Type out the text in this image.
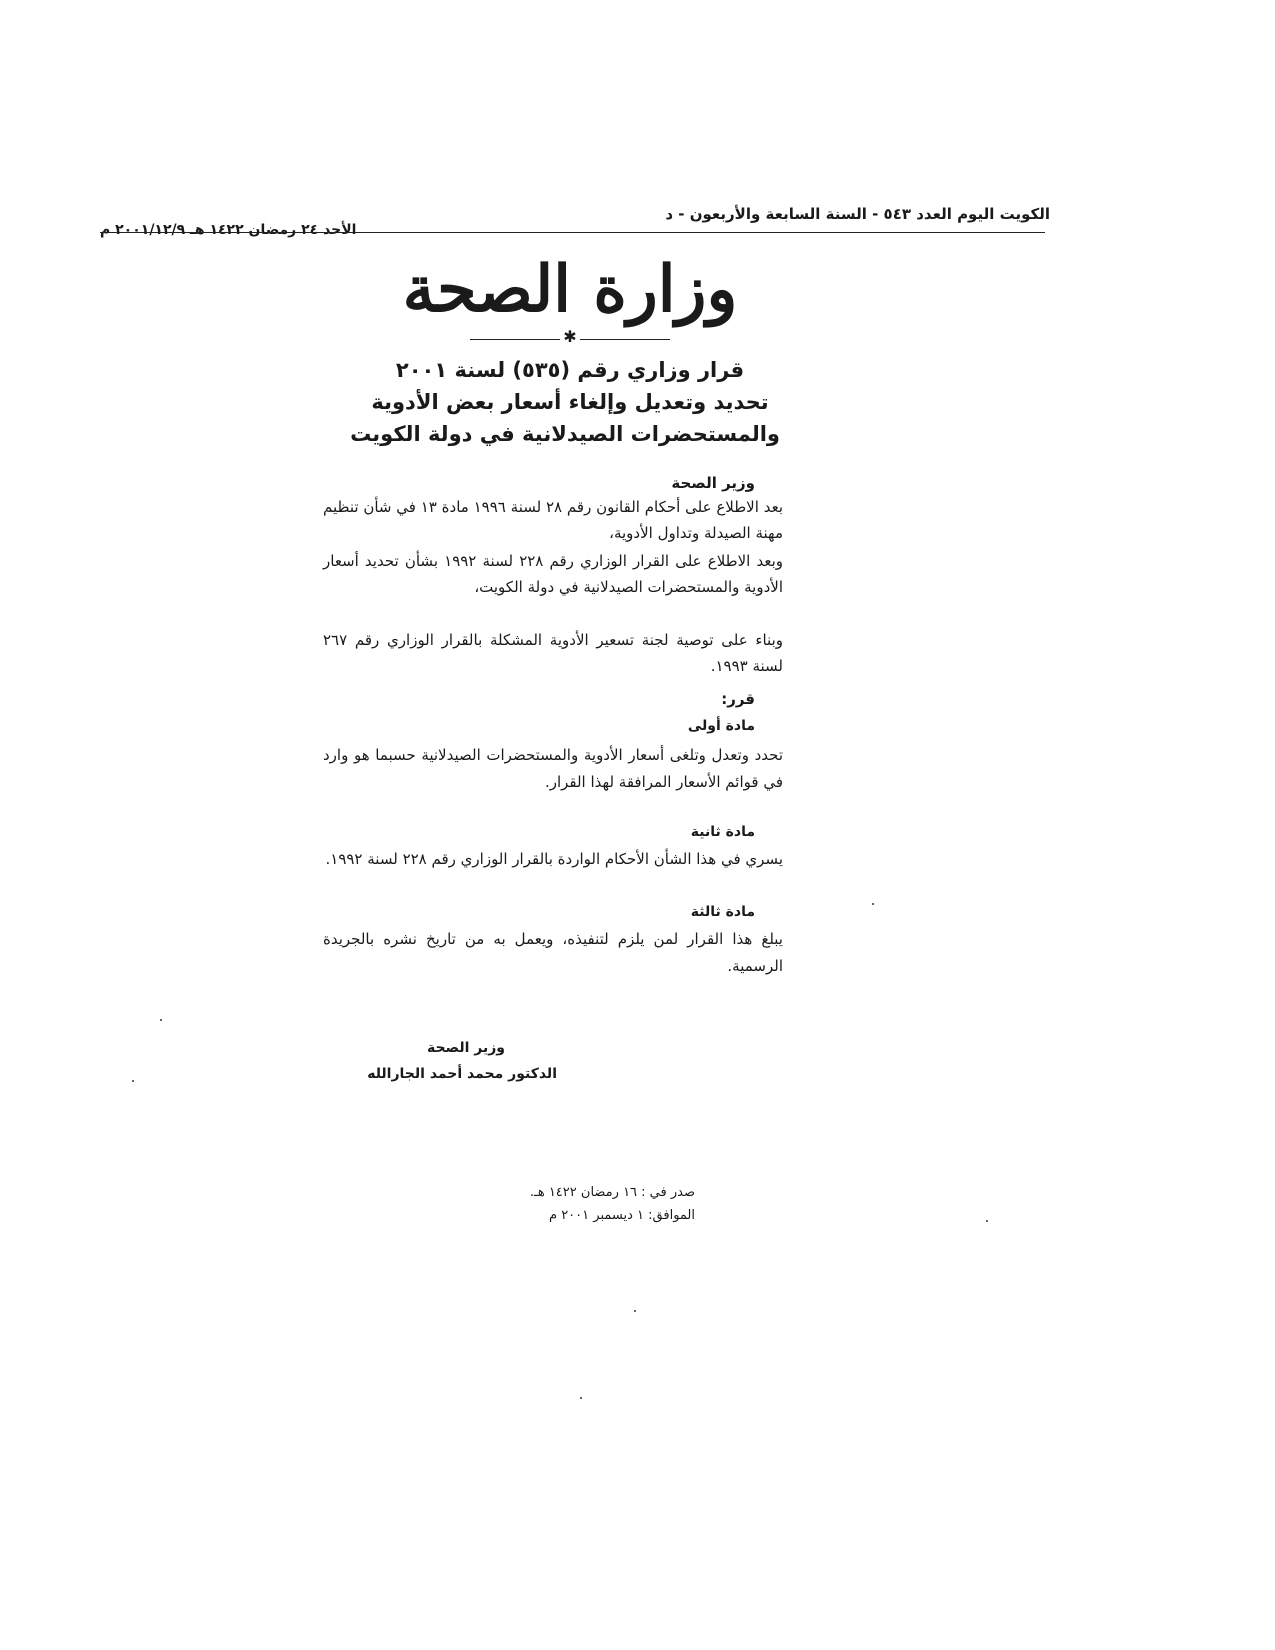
الكويت اليوم العدد ٥٤٣ - السنة السابعة والأربعون - د
الأحد ٢٤ رمضان ١٤٢٢ هـ ٢٠٠١/١٢/٩ م
وزارة الصحة
✱
قرار وزاري رقم (٥٣٥) لسنة ٢٠٠١
تحديد وتعديل وإلغاء أسعار بعض الأدوية
والمستحضرات الصيدلانية في دولة الكويت
وزير الصحة
بعد الاطلاع على أحكام القانون رقم ٢٨ لسنة ١٩٩٦ مادة ١٣ في شأن تنظيم مهنة الصيدلة وتداول الأدوية،
وبعد الاطلاع على القرار الوزاري رقم ٢٢٨ لسنة ١٩٩٢ بشأن تحديد أسعار الأدوية والمستحضرات الصيدلانية في دولة الكويت،
وبناء على توصية لجنة تسعير الأدوية المشكلة بالقرار الوزاري رقم ٢٦٧ لسنة ١٩٩٣.
قرر:
مادة أولى
تحدد وتعدل وتلغى أسعار الأدوية والمستحضرات الصيدلانية حسبما هو وارد في قوائم الأسعار المرافقة لهذا القرار.
مادة ثانية
يسري في هذا الشأن الأحكام الواردة بالقرار الوزاري رقم ٢٢٨ لسنة ١٩٩٢.
مادة ثالثة
يبلغ هذا القرار لمن يلزم لتنفيذه، ويعمل به من تاريخ نشره بالجريدة الرسمية.
وزير الصحة
الدكتور محمد أحمد الجارالله
صدر في : ١٦ رمضان ١٤٢٢ هـ.
الموافق: ١ ديسمبر ٢٠٠١ م
